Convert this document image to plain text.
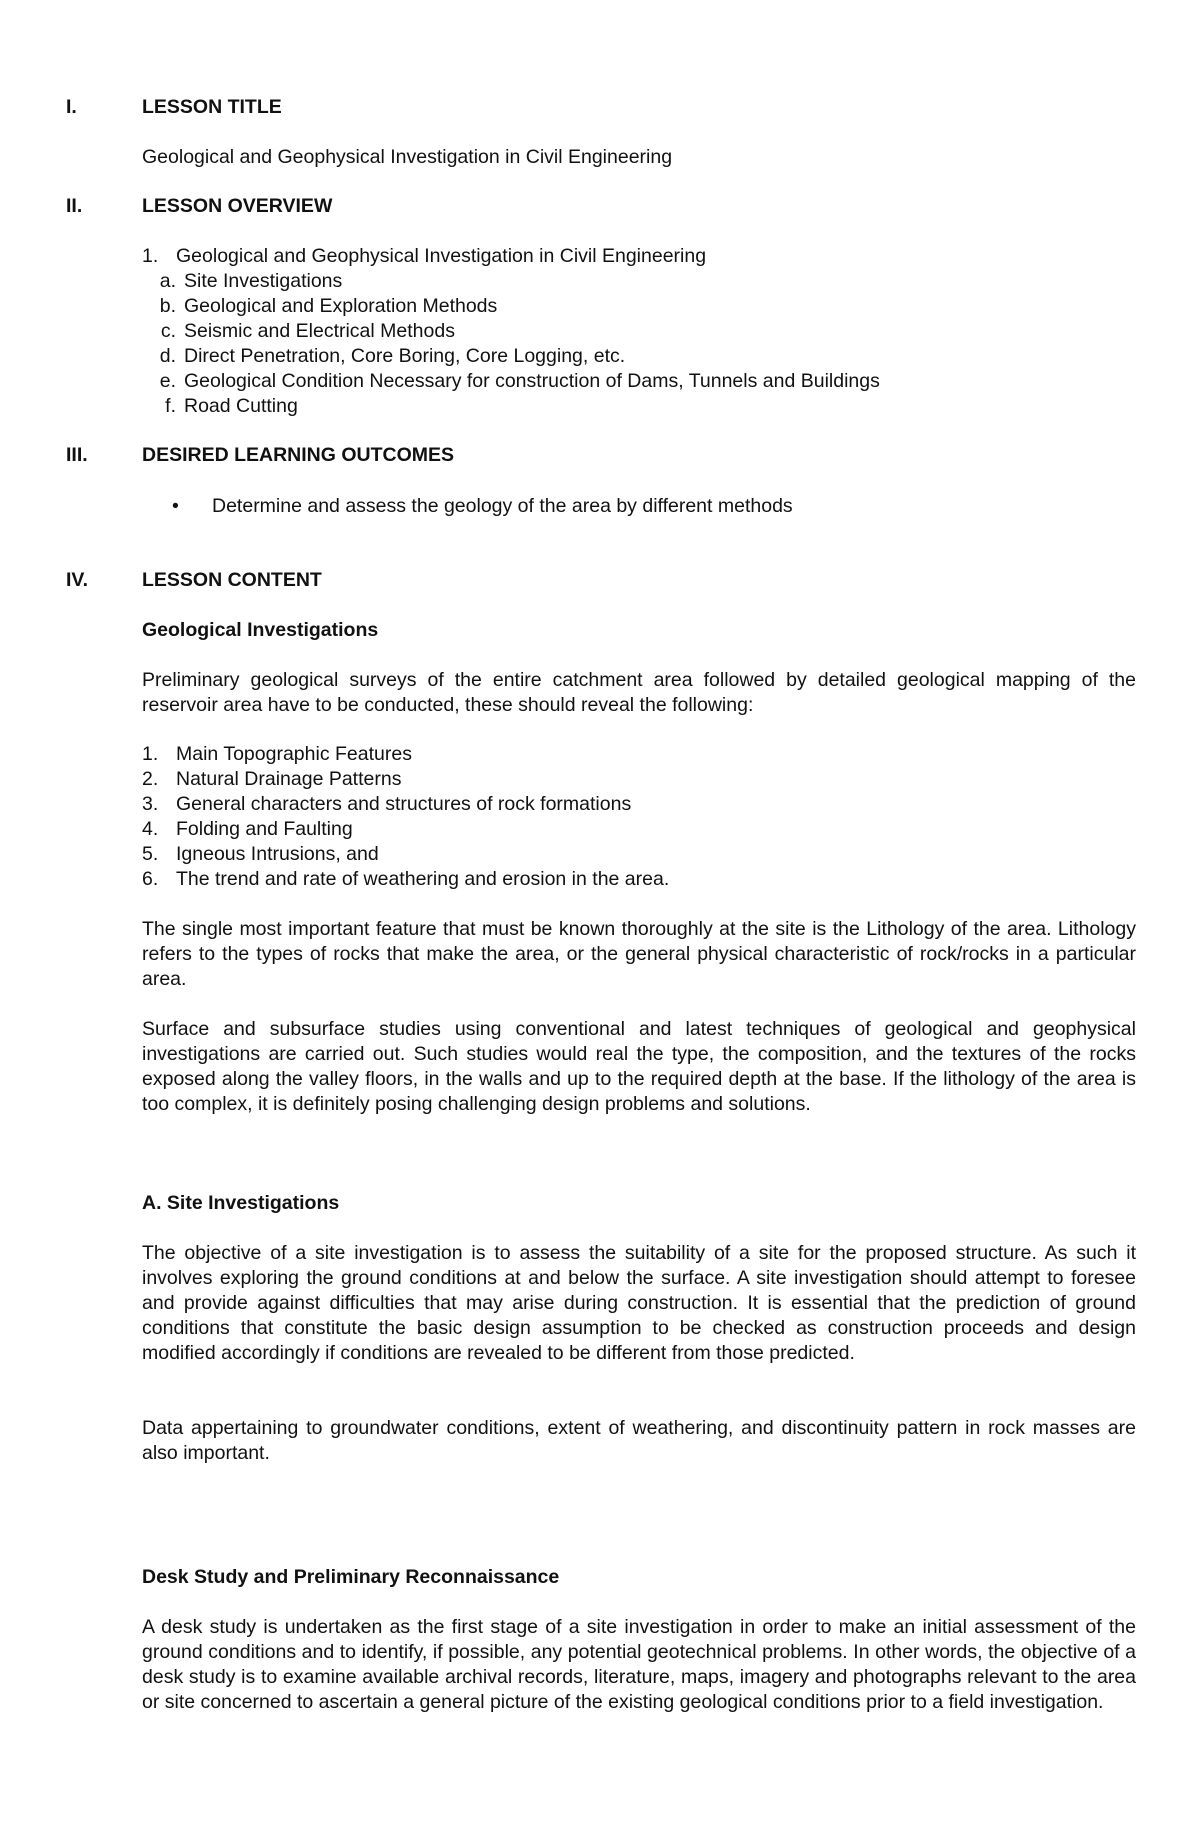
I.	LESSON TITLE
Geological and Geophysical Investigation in Civil Engineering
II.	LESSON OVERVIEW
1. Geological and Geophysical Investigation in Civil Engineering
a. Site Investigations
b. Geological and Exploration Methods
c. Seismic and Electrical Methods
d. Direct Penetration, Core Boring, Core Logging, etc.
e. Geological Condition Necessary for construction of Dams, Tunnels and Buildings
f. Road Cutting
III.	DESIRED LEARNING OUTCOMES
• Determine and assess the geology of the area by different methods
IV.	LESSON CONTENT
Geological Investigations
Preliminary geological surveys of the entire catchment area followed by detailed geological mapping of the reservoir area have to be conducted, these should reveal the following:
1. Main Topographic Features
2. Natural Drainage Patterns
3. General characters and structures of rock formations
4. Folding and Faulting
5. Igneous Intrusions, and
6. The trend and rate of weathering and erosion in the area.
The single most important feature that must be known thoroughly at the site is the Lithology of the area. Lithology refers to the types of rocks that make the area, or the general physical characteristic of rock/rocks in a particular area.
Surface and subsurface studies using conventional and latest techniques of geological and geophysical investigations are carried out. Such studies would real the type, the composition, and the textures of the rocks exposed along the valley floors, in the walls and up to the required depth at the base. If the lithology of the area is too complex, it is definitely posing challenging design problems and solutions.
A. Site Investigations
The objective of a site investigation is to assess the suitability of a site for the proposed structure. As such it involves exploring the ground conditions at and below the surface. A site investigation should attempt to foresee and provide against difficulties that may arise during construction. It is essential that the prediction of ground conditions that constitute the basic design assumption to be checked as construction proceeds and design modified accordingly if conditions are revealed to be different from those predicted.
Data appertaining to groundwater conditions, extent of weathering, and discontinuity pattern in rock masses are also important.
Desk Study and Preliminary Reconnaissance
A desk study is undertaken as the first stage of a site investigation in order to make an initial assessment of the ground conditions and to identify, if possible, any potential geotechnical problems. In other words, the objective of a desk study is to examine available archival records, literature, maps, imagery and photographs relevant to the area or site concerned to ascertain a general picture of the existing geological conditions prior to a field investigation.
